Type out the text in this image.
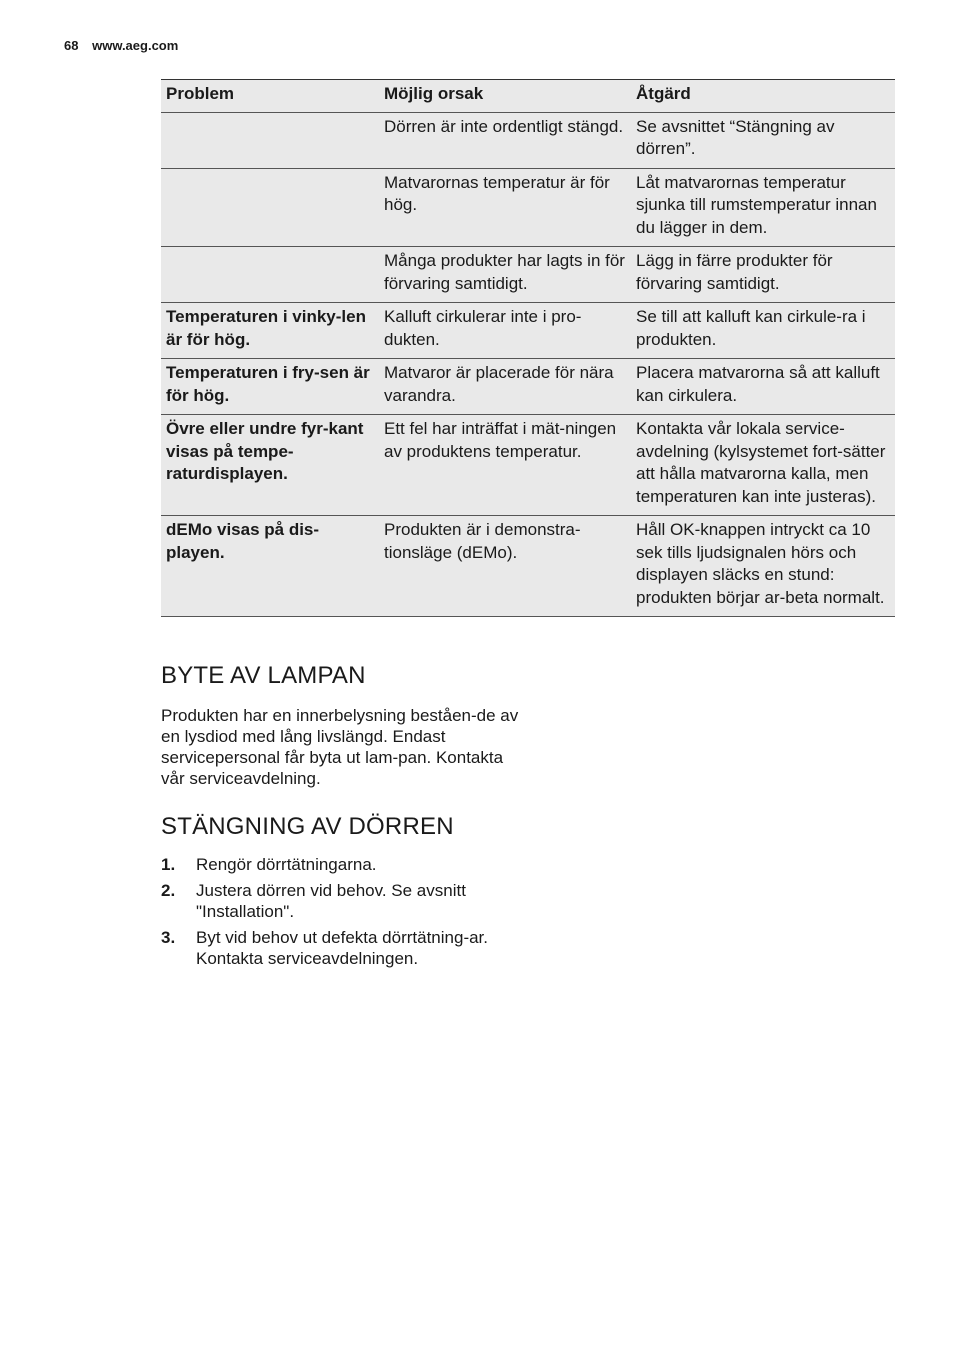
68 www.aeg.com
Problem	Möjlig orsak	Åtgärd
	Dörren är inte ordentligt stängd.	Se avsnittet “Stängning av dörren”.
	Matvarornas temperatur är för hög.	Låt matvarornas temperatur sjunka till rumstemperatur innan du lägger in dem.
	Många produkter har lagts in för förvaring samtidigt.	Lägg in färre produkter för förvaring samtidigt.
Temperaturen i vinky-len är för hög.	Kalluft cirkulerar inte i pro-dukten.	Se till att kalluft kan cirkule-ra i produkten.
Temperaturen i fry-sen är för hög.	Matvaror är placerade för nära varandra.	Placera matvarorna så att kalluft kan cirkulera.
Övre eller undre fyr-kant visas på tempe-raturdisplayen.	Ett fel har inträffat i mät-ningen av produktens temperatur.	Kontakta vår lokala service-avdelning (kylsystemet fort-sätter att hålla matvarorna kalla, men temperaturen kan inte justeras).
dEMo visas på dis-playen.	Produkten är i demonstra-tionsläge (dEMo).	Håll OK-knappen intryckt ca 10 sek tills ljudsignalen hörs och displayen släcks en stund: produkten börjar ar-beta normalt.
BYTE AV LAMPAN

Produkten har en innerbelysning beståen-de av en lysdiod med lång livslängd. Endast servicepersonal får byta ut lam-pan. Kontakta vår serviceavdelning.

STÄNGNING AV DÖRREN
1. Rengör dörrtätningarna.
2. Justera dörren vid behov. Se avsnitt "Installation".
3. Byt vid behov ut defekta dörrtätning-ar. Kontakta serviceavdelningen.
